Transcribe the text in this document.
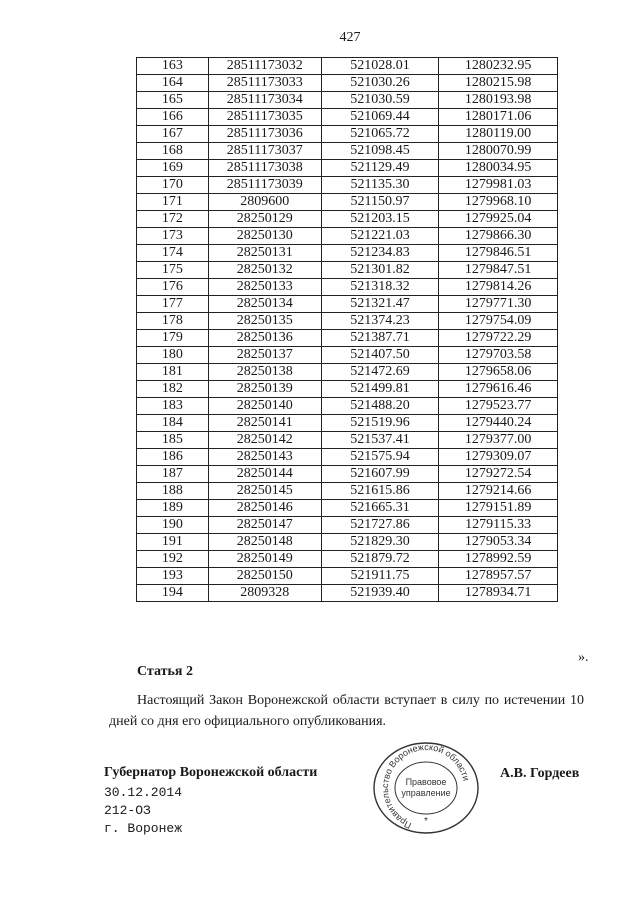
427
163	28511173032	521028.01	1280232.95
164	28511173033	521030.26	1280215.98
165	28511173034	521030.59	1280193.98
166	28511173035	521069.44	1280171.06
167	28511173036	521065.72	1280119.00
168	28511173037	521098.45	1280070.99
169	28511173038	521129.49	1280034.95
170	28511173039	521135.30	1279981.03
171	2809600	521150.97	1279968.10
172	28250129	521203.15	1279925.04
173	28250130	521221.03	1279866.30
174	28250131	521234.83	1279846.51
175	28250132	521301.82	1279847.51
176	28250133	521318.32	1279814.26
177	28250134	521321.47	1279771.30
178	28250135	521374.23	1279754.09
179	28250136	521387.71	1279722.29
180	28250137	521407.50	1279703.58
181	28250138	521472.69	1279658.06
182	28250139	521499.81	1279616.46
183	28250140	521488.20	1279523.77
184	28250141	521519.96	1279440.24
185	28250142	521537.41	1279377.00
186	28250143	521575.94	1279309.07
187	28250144	521607.99	1279272.54
188	28250145	521615.86	1279214.66
189	28250146	521665.31	1279151.89
190	28250147	521727.86	1279115.33
191	28250148	521829.30	1279053.34
192	28250149	521879.72	1278992.59
193	28250150	521911.75	1278957.57
194	2809328	521939.40	1278934.71
».
Статья 2
Настоящий Закон Воронежской области вступает в силу по истечении 10 дней со дня его официального опубликования.
Губернатор Воронежской области	А.В. Гордеев
30.12.2014
212-ОЗ
г. Воронеж	Правительство Воронежской области
Правовое
управление
*
